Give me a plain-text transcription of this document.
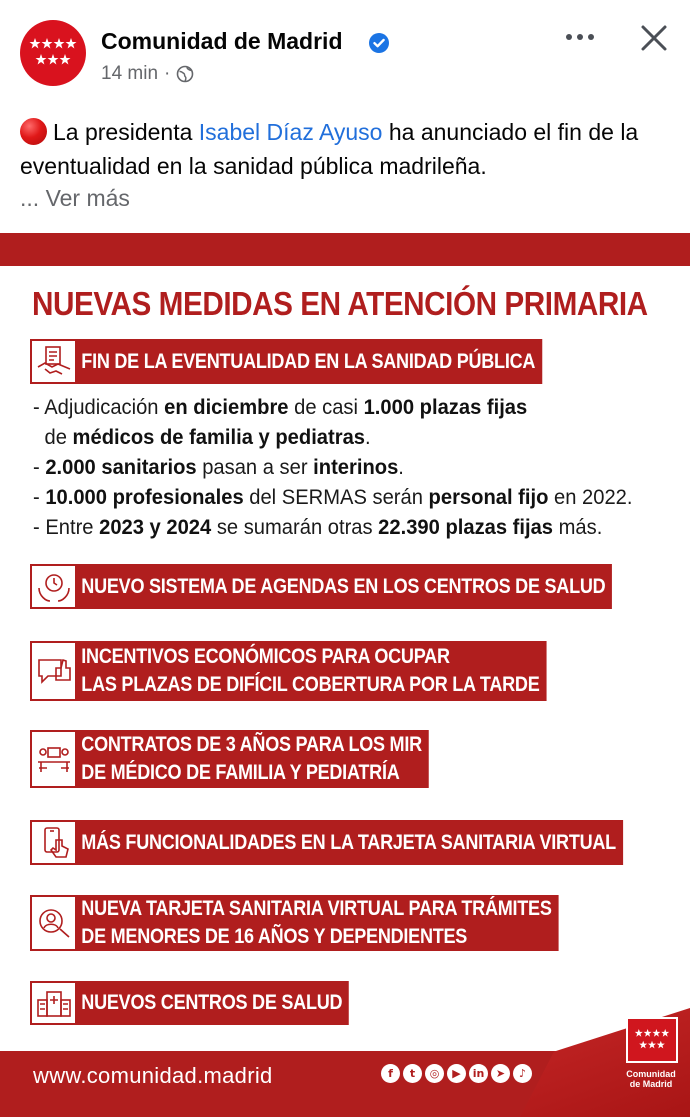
Comunidad de Madrid
14 min ·
La presidenta Isabel Díaz Ayuso ha anunciado el fin de la eventualidad en la sanidad pública madrileña.
... Ver más
NUEVAS MEDIDAS EN ATENCIÓN PRIMARIA
FIN DE LA EVENTUALIDAD EN LA SANIDAD PÚBLICA
- Adjudicación en diciembre de casi 1.000 plazas fijas
de médicos de familia y pediatras.
- 2.000 sanitarios pasan a ser interinos.
- 10.000 profesionales del SERMAS serán personal fijo en 2022.
- Entre 2023 y 2024 se sumarán otras 22.390 plazas fijas más.
NUEVO SISTEMA DE AGENDAS EN LOS CENTROS DE SALUD
INCENTIVOS ECONÓMICOS PARA OCUPAR
LAS PLAZAS DE DIFÍCIL COBERTURA POR LA TARDE
CONTRATOS DE 3 AÑOS PARA LOS MIR
DE MÉDICO DE FAMILIA Y PEDIATRÍA
MÁS FUNCIONALIDADES EN LA TARJETA SANITARIA VIRTUAL
NUEVA TARJETA SANITARIA VIRTUAL PARA TRÁMITES
DE MENORES DE 16 AÑOS Y DEPENDIENTES
NUEVOS CENTROS DE SALUD
www.comunidad.madrid	f	t	◎	▶	in	➤	♪	Comunidad
de Madrid
